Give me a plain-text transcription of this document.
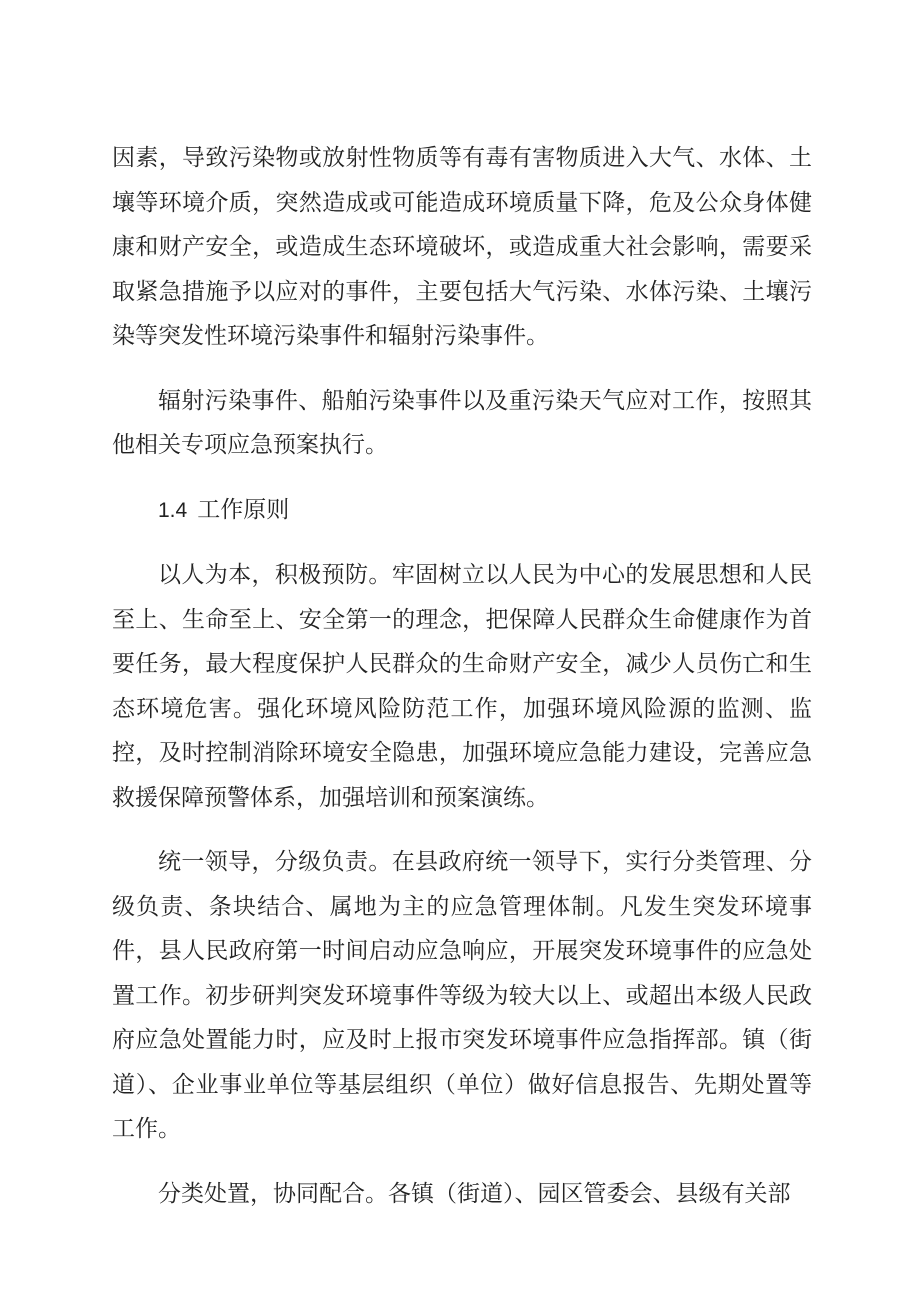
因素，导致污染物或放射性物质等有毒有害物质进入大气、水体、土壤等环境介质，突然造成或可能造成环境质量下降，危及公众身体健康和财产安全，或造成生态环境破坏，或造成重大社会影响，需要采取紧急措施予以应对的事件，主要包括大气污染、水体污染、土壤污染等突发性环境污染事件和辐射污染事件。

辐射污染事件、船舶污染事件以及重污染天气应对工作，按照其他相关专项应急预案执行。

1.4 工作原则

以人为本，积极预防。牢固树立以人民为中心的发展思想和人民至上、生命至上、安全第一的理念，把保障人民群众生命健康作为首要任务，最大程度保护人民群众的生命财产安全，减少人员伤亡和生态环境危害。强化环境风险防范工作，加强环境风险源的监测、监控，及时控制消除环境安全隐患，加强环境应急能力建设，完善应急救援保障预警体系，加强培训和预案演练。

统一领导，分级负责。在县政府统一领导下，实行分类管理、分级负责、条块结合、属地为主的应急管理体制。凡发生突发环境事件，县人民政府第一时间启动应急响应，开展突发环境事件的应急处置工作。初步研判突发环境事件等级为较大以上、或超出本级人民政府应急处置能力时，应及时上报市突发环境事件应急指挥部。镇（街道）、企业事业单位等基层组织（单位）做好信息报告、先期处置等工作。

分类处置，协同配合。各镇（街道）、园区管委会、县级有关部
